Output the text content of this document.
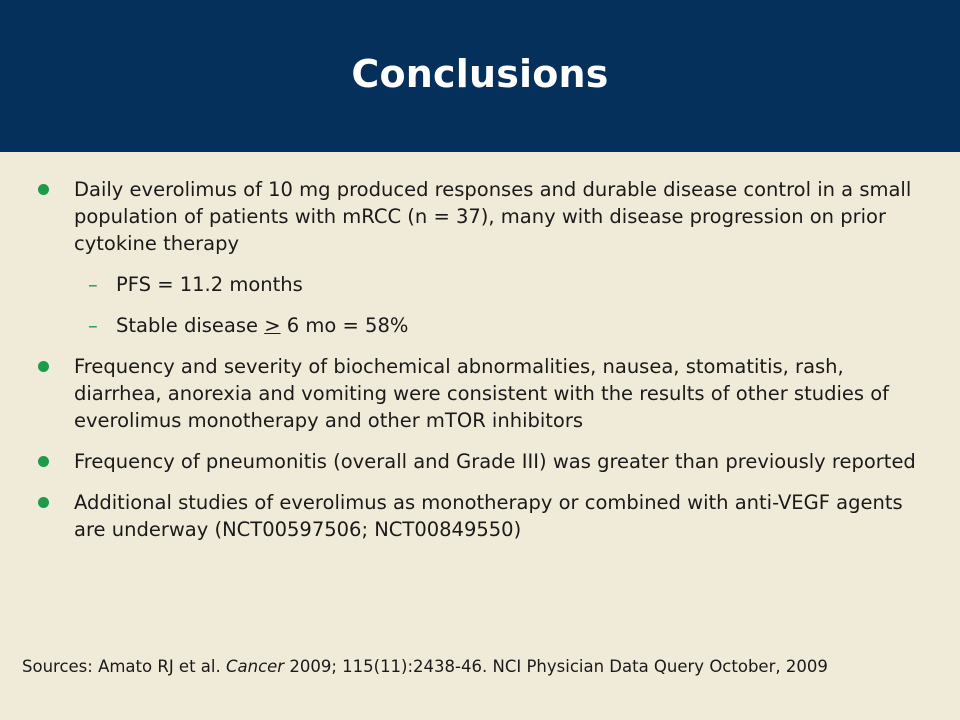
Conclusions
Daily everolimus of 10 mg produced responses and durable disease control in a small population of patients with mRCC (n = 37), many with disease progression on prior cytokine therapy
– PFS = 11.2 months
– Stable disease ≥ 6 mo = 58%
Frequency and severity of biochemical abnormalities, nausea, stomatitis, rash, diarrhea, anorexia and vomiting were consistent with the results of other studies of everolimus monotherapy and other mTOR inhibitors
Frequency of pneumonitis (overall and Grade III) was greater than previously reported
Additional studies of everolimus as monotherapy or combined with anti-VEGF agents are underway (NCT00597506; NCT00849550)
Sources: Amato RJ et al. Cancer 2009; 115(11):2438-46. NCI Physician Data Query October, 2009
